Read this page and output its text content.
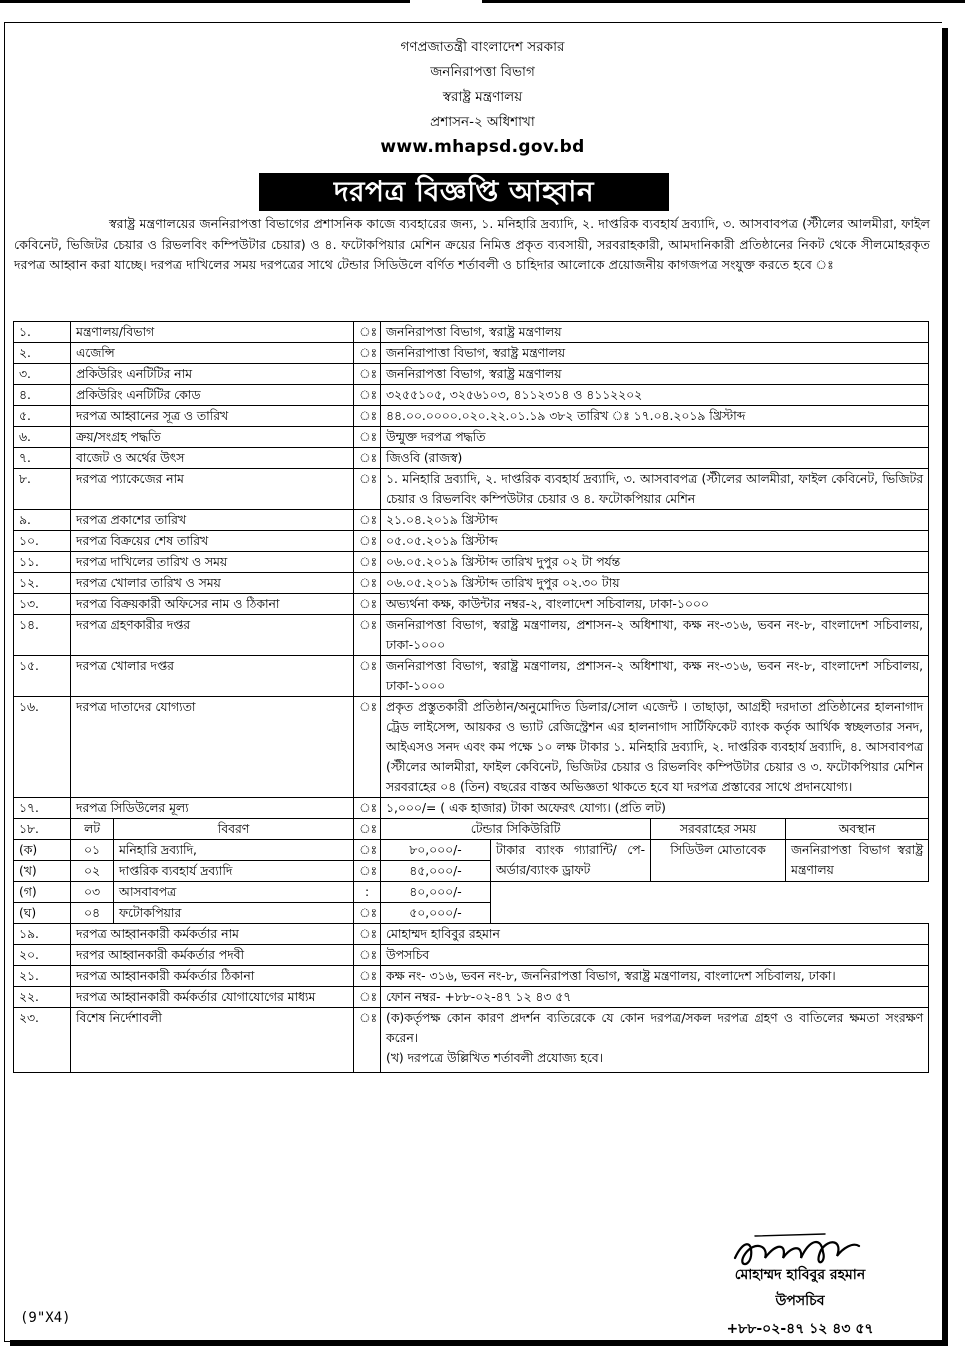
গণপ্রজাতন্ত্রী বাংলাদেশ সরকার
জননিরাপত্তা বিভাগ
স্বরাষ্ট্র মন্ত্রণালয়
প্রশাসন-২ অধিশাখা
www.mhapsd.gov.bd
দরপত্র বিজ্ঞপ্তি আহ্বান
স্বরাষ্ট্র মন্ত্রণালয়ের জননিরাপত্তা বিভাগের প্রশাসনিক কাজে ব্যবহারের জন্য, ১. মনিহারি দ্রব্যাদি, ২. দাপ্তরিক ব্যবহার্য দ্রব্যাদি, ৩. আসবাবপত্র (স্টীলের আলমীরা, ফাইল কেবিনেট, ভিজিটর চেয়ার ও রিভলবিং কম্পিউটার চেয়ার) ও ৪. ফটোকপিয়ার মেশিন ক্রয়ের নিমিত্ত প্রকৃত ব্যবসায়ী, সরবরাহকারী, আমদানিকারী প্রতিষ্ঠানের নিকট থেকে সীলমোহরকৃত দরপত্র আহ্বান করা যাচ্ছে। দরপত্র দাখিলের সময় দরপত্রের সাথে টেন্ডার সিডিউলে বর্ণিত শর্তাবলী ও চাহিদার আলোকে প্রয়োজনীয় কাগজপত্র সংযুক্ত করতে হবে ঃ
১.	মন্ত্রণালয়/বিভাগ		ঃ	জননিরাপত্তা বিভাগ, স্বরাষ্ট্র মন্ত্রণালয়			
২.	এজেন্সি		ঃ	জননিরাপাত্তা বিভাগ, স্বরাষ্ট্র মন্ত্রণালয়			
৩.	প্রকিউরিং এনটিটির নাম		ঃ	জননিরাপত্তা বিভাগ, স্বরাষ্ট্র মন্ত্রণালয়			
৪.	প্রকিউরিং এনটিটির কোড		ঃ	৩২৫৫১০৫, ৩২৫৬১০৩, ৪১১২৩১৪ ও ৪১১২২০২			
৫.	দরপত্র আহ্বানের সূত্র ও তারিখ		ঃ	৪৪.০০.০০০০.০২০.২২.০১.১৯ ৩৮২ তারিখ ঃ ১৭.০৪.২০১৯ খ্রিস্টাব্দ			
৬.	ক্রয়/সংগ্রহ পদ্ধতি		ঃ	উন্মুক্ত দরপত্র পদ্ধতি			
৭.	বাজেট ও অর্থের উৎস		ঃ	জিওবি (রাজস্ব)			
৮.	দরপত্র প্যাকেজের নাম		ঃ	১. মনিহারি দ্রব্যাদি, ২. দাপ্তরিক ব্যবহার্য দ্রব্যাদি, ৩. আসবাবপত্র (স্টীলের আলমীরা, ফাইল কেবিনেট, ভিজিটর চেয়ার ও রিভলবিং কম্পিউটার চেয়ার ও ৪. ফটোকপিয়ার মেশিন			
৯.	দরপত্র প্রকাশের তারিখ		ঃ	২১.০৪.২০১৯ খ্রিস্টাব্দ			
১০.	দরপত্র বিক্রয়ের শেষ তারিখ		ঃ	০৫.০৫.২০১৯ খ্রিস্টাব্দ			
১১.	দরপত্র দাখিলের তারিখ ও সময়		ঃ	০৬.০৫.২০১৯ খ্রিস্টাব্দ তারিখ দুপুর ০২ টা পর্যন্ত			
১২.	দরপত্র খোলার তারিখ ও সময়		ঃ	০৬.০৫.২০১৯ খ্রিস্টাব্দ তারিখ দুপুর ০২.৩০ টায়			
১৩.	দরপত্র বিক্রয়কারী অফিসের নাম ও ঠিকানা		ঃ	অভ্যর্থনা কক্ষ, কাউন্টার নম্বর-২, বাংলাদেশ সচিবালয়, ঢাকা-১০০০			
১৪.	দরপত্র গ্রহণকারীর দপ্তর		ঃ	জননিরাপত্তা বিভাগ, স্বরাষ্ট্র মন্ত্রণালয়, প্রশাসন-২ অধিশাখা, কক্ষ নং-৩১৬, ভবন নং-৮, বাংলাদেশ সচিবালয়, ঢাকা-১০০০			
১৫.	দরপত্র খোলার দপ্তর		ঃ	জননিরাপত্তা বিভাগ, স্বরাষ্ট্র মন্ত্রণালয়, প্রশাসন-২ অধিশাখা, কক্ষ নং-৩১৬, ভবন নং-৮, বাংলাদেশ সচিবালয়, ঢাকা-১০০০			
১৬.	দরপত্র দাতাদের যোগ্যতা		ঃ	প্রকৃত প্রস্তুতকারী প্রতিষ্ঠান/অনুমোদিত ডিলার/সোল এজেন্ট । তাছাড়া, আগ্রহী দরদাতা প্রতিষ্ঠানের হালনাগাদ ট্রেড লাইসেন্স, আয়কর ও ভ্যাট রেজিস্ট্রেশন এর হালনাগাদ সার্টিফিকেট ব্যাংক কর্তৃক আর্থিক স্বচ্ছলতার সনদ, আইএসও সনদ এবং কম পক্ষে ১০ লক্ষ টাকার ১. মনিহারি দ্রব্যাদি, ২. দাপ্তরিক ব্যবহার্য দ্রব্যাদি, ৪. আসবাবপত্র (স্টীলের আলমীরা, ফাইল কেবিনেট, ভিজিটর চেয়ার ও রিভলবিং কম্পিউটার চেয়ার ও ৩. ফটোকপিয়ার মেশিন সরবরাহের ০৪ (তিন) বছরের বাস্তব অভিজ্ঞতা থাকতে হবে যা দরপত্র প্রস্তাবের সাথে প্রদানযোগ্য।			
১৭.	দরপত্র সিডিউলের মূল্য		ঃ	১,০০০/= ( এক হাজার) টাকা অফেরৎ যোগ্য। (প্রতি লট)			
১৮.	লট	বিবরণ	ঃ	টেন্ডার সিকিউরিটি		সরবরাহের সময়	অবস্থান
(ক)	০১	মনিহারি দ্রব্যাদি,	ঃ	৮০,০০০/-	টাকার ব্যাংক গ্যারান্টি/ পে-অর্ডার/ব্যাংক ড্রাফট	সিডিউল মোতাবেক	জননিরাপত্তা বিভাগ স্বরাষ্ট্র মন্ত্রণালয়
(খ)	০২	দাপ্তরিক ব্যবহার্য দ্রব্যাদি	ঃ	৪৫,০০০/-			
(গ)	০৩	আসবাবপত্র	:	৪০,০০০/-			
(ঘ)	০৪	ফটোকপিয়ার	ঃ	৫০,০০০/-			
১৯.	দরপত্র আহ্বানকারী কর্মকর্তার নাম		ঃ	মোহাম্মদ হাবিবুর রহমান			
২০.	দরপর আহ্বানকারী কর্মকর্তার পদবী		ঃ	উপসচিব			
২১.	দরপত্র আহ্বানকারী কর্মকর্তার ঠিকানা		ঃ	কক্ষ নং- ৩১৬, ভবন নং-৮, জননিরাপত্তা বিভাগ, স্বরাষ্ট্র মন্ত্রণালয়, বাংলাদেশ সচিবালয়, ঢাকা।			
২২.	দরপত্র আহ্বানকারী কর্মকর্তার যোগাযোগের মাধ্যম		ঃ	ফোন নম্বর- +৮৮-০২-৪৭ ১২ ৪৩ ৫৭			
২৩.	বিশেষ নির্দেশাবলী		ঃ	(ক)কর্তৃপক্ষ কোন কারণ প্রদর্শন ব্যতিরেকে যে কোন দরপত্র/সকল দরপত্র গ্রহণ ও বাতিলের ক্ষমতা সংরক্ষণ করেন।
(খ) দরপত্রে উল্লিখিত শর্তাবলী প্রযোজ্য হবে।			
মোহাম্মদ হাবিবুর রহমান
উপসচিব
+৮৮-০২-৪৭ ১২ ৪৩ ৫৭
(9"X4)
